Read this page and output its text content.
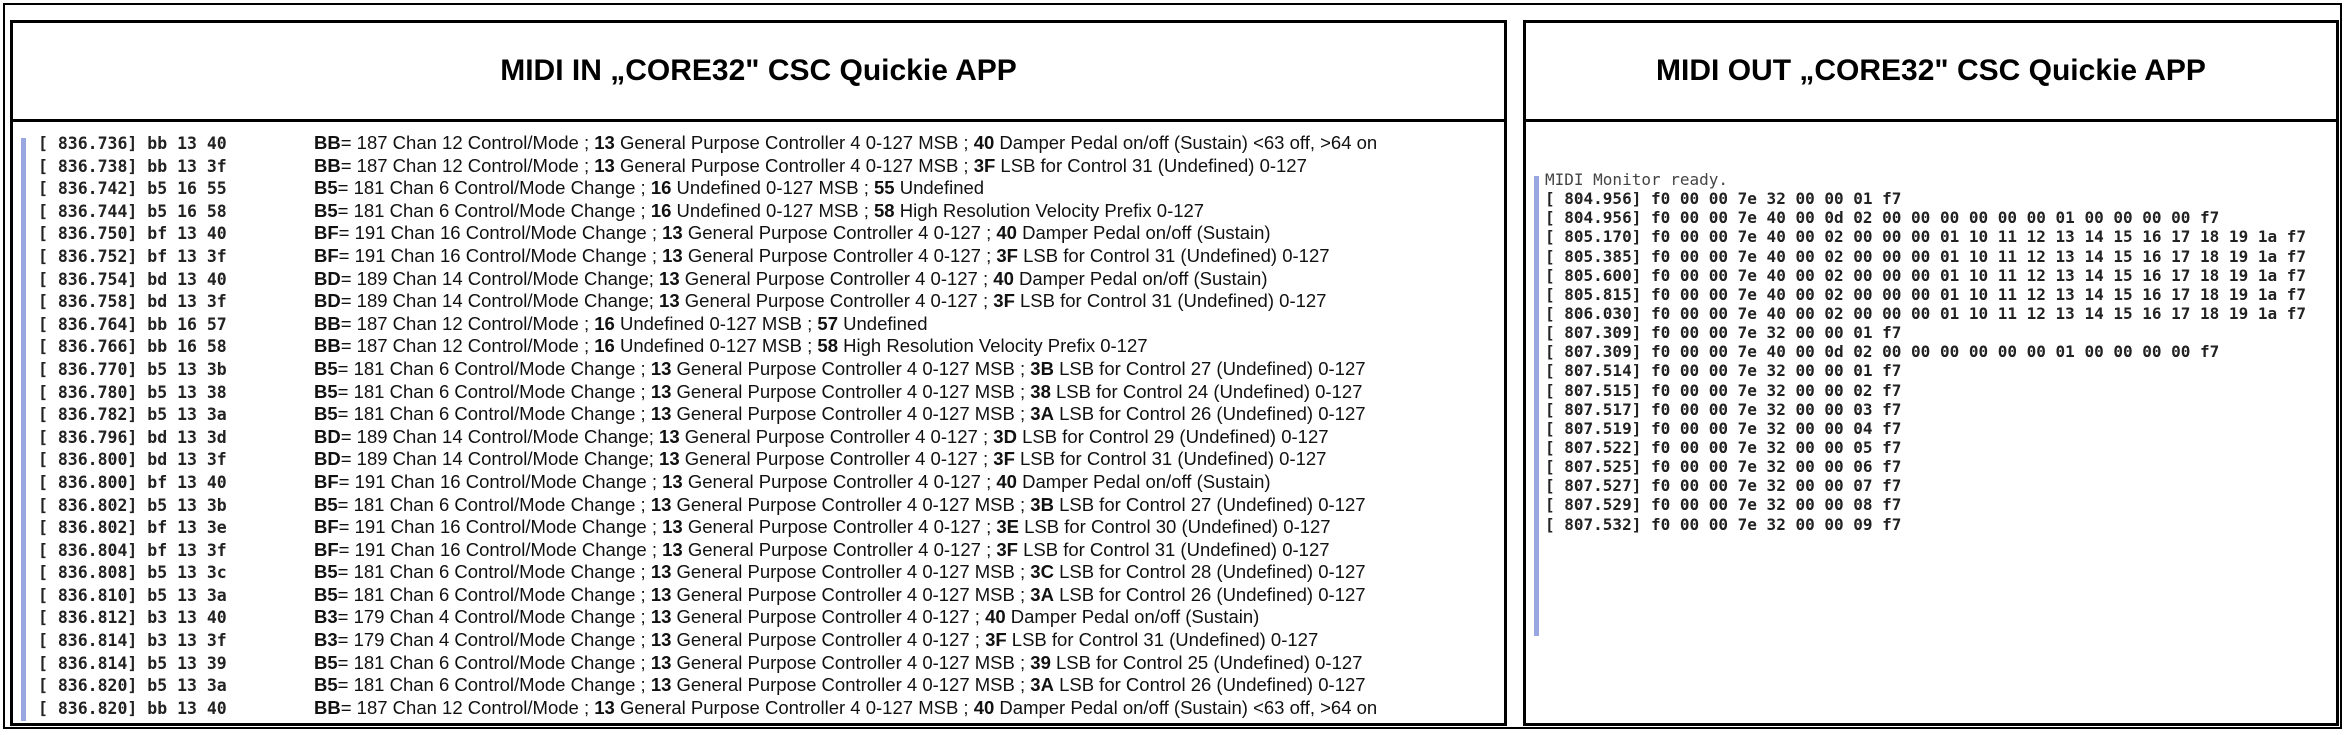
MIDI IN „CORE32" CSC Quickie APP
[ 836.736] bb 13 40	BB= 187 Chan 12 Control/Mode ; 13 General Purpose Controller 4 0-127 MSB ; 40 Damper Pedal on/off (Sustain) <63 off, >64 on
[ 836.738] bb 13 3f	BB= 187 Chan 12 Control/Mode ; 13 General Purpose Controller 4 0-127 MSB ; 3F LSB for Control 31 (Undefined) 0-127
[ 836.742] b5 16 55	B5= 181 Chan 6 Control/Mode Change ; 16 Undefined 0-127 MSB ; 55 Undefined
[ 836.744] b5 16 58	B5= 181 Chan 6 Control/Mode Change ; 16 Undefined 0-127 MSB ; 58 High Resolution Velocity Prefix 0-127
[ 836.750] bf 13 40	BF= 191 Chan 16 Control/Mode Change ; 13 General Purpose Controller 4 0-127 ; 40 Damper Pedal on/off (Sustain)
[ 836.752] bf 13 3f	BF= 191 Chan 16 Control/Mode Change ; 13 General Purpose Controller 4 0-127 ; 3F LSB for Control 31 (Undefined) 0-127
[ 836.754] bd 13 40	BD= 189 Chan 14 Control/Mode Change; 13 General Purpose Controller 4 0-127 ; 40 Damper Pedal on/off (Sustain)
[ 836.758] bd 13 3f	BD= 189 Chan 14 Control/Mode Change; 13 General Purpose Controller 4 0-127 ; 3F LSB for Control 31 (Undefined) 0-127
[ 836.764] bb 16 57	BB= 187 Chan 12 Control/Mode ; 16 Undefined 0-127 MSB ; 57 Undefined
[ 836.766] bb 16 58	BB= 187 Chan 12 Control/Mode ; 16 Undefined 0-127 MSB ; 58 High Resolution Velocity Prefix 0-127
[ 836.770] b5 13 3b	B5= 181 Chan 6 Control/Mode Change ; 13 General Purpose Controller 4 0-127 MSB ; 3B LSB for Control 27 (Undefined) 0-127
[ 836.780] b5 13 38	B5= 181 Chan 6 Control/Mode Change ; 13 General Purpose Controller 4 0-127 MSB ; 38 LSB for Control 24 (Undefined) 0-127
[ 836.782] b5 13 3a	B5= 181 Chan 6 Control/Mode Change ; 13 General Purpose Controller 4 0-127 MSB ; 3A LSB for Control 26 (Undefined) 0-127
[ 836.796] bd 13 3d	BD= 189 Chan 14 Control/Mode Change; 13 General Purpose Controller 4 0-127 ; 3D LSB for Control 29 (Undefined) 0-127
[ 836.800] bd 13 3f	BD= 189 Chan 14 Control/Mode Change; 13 General Purpose Controller 4 0-127 ; 3F LSB for Control 31 (Undefined) 0-127
[ 836.800] bf 13 40	BF= 191 Chan 16 Control/Mode Change ; 13 General Purpose Controller 4 0-127 ; 40 Damper Pedal on/off (Sustain)
[ 836.802] b5 13 3b	B5= 181 Chan 6 Control/Mode Change ; 13 General Purpose Controller 4 0-127 MSB ; 3B LSB for Control 27 (Undefined) 0-127
[ 836.802] bf 13 3e	BF= 191 Chan 16 Control/Mode Change ; 13 General Purpose Controller 4 0-127 ; 3E LSB for Control 30 (Undefined) 0-127
[ 836.804] bf 13 3f	BF= 191 Chan 16 Control/Mode Change ; 13 General Purpose Controller 4 0-127 ; 3F LSB for Control 31 (Undefined) 0-127
[ 836.808] b5 13 3c	B5= 181 Chan 6 Control/Mode Change ; 13 General Purpose Controller 4 0-127 MSB ; 3C LSB for Control 28 (Undefined) 0-127
[ 836.810] b5 13 3a	B5= 181 Chan 6 Control/Mode Change ; 13 General Purpose Controller 4 0-127 MSB ; 3A LSB for Control 26 (Undefined) 0-127
[ 836.812] b3 13 40	B3= 179 Chan 4 Control/Mode Change ; 13 General Purpose Controller 4 0-127 ; 40 Damper Pedal on/off (Sustain)
[ 836.814] b3 13 3f	B3= 179 Chan 4 Control/Mode Change ; 13 General Purpose Controller 4 0-127 ; 3F LSB for Control 31 (Undefined) 0-127
[ 836.814] b5 13 39	B5= 181 Chan 6 Control/Mode Change ; 13 General Purpose Controller 4 0-127 MSB ; 39 LSB for Control 25 (Undefined) 0-127
[ 836.820] b5 13 3a	B5= 181 Chan 6 Control/Mode Change ; 13 General Purpose Controller 4 0-127 MSB ; 3A LSB for Control 26 (Undefined) 0-127
[ 836.820] bb 13 40	BB= 187 Chan 12 Control/Mode ; 13 General Purpose Controller 4 0-127 MSB ; 40 Damper Pedal on/off (Sustain) <63 off, >64 on
MIDI OUT „CORE32" CSC Quickie APP
MIDI Monitor ready.
[ 804.956] f0 00 00 7e 32 00 00 01 f7
[ 804.956] f0 00 00 7e 40 00 0d 02 00 00 00 00 00 00 01 00 00 00 00 f7
[ 805.170] f0 00 00 7e 40 00 02 00 00 00 01 10 11 12 13 14 15 16 17 18 19 1a f7
[ 805.385] f0 00 00 7e 40 00 02 00 00 00 01 10 11 12 13 14 15 16 17 18 19 1a f7
[ 805.600] f0 00 00 7e 40 00 02 00 00 00 01 10 11 12 13 14 15 16 17 18 19 1a f7
[ 805.815] f0 00 00 7e 40 00 02 00 00 00 01 10 11 12 13 14 15 16 17 18 19 1a f7
[ 806.030] f0 00 00 7e 40 00 02 00 00 00 01 10 11 12 13 14 15 16 17 18 19 1a f7
[ 807.309] f0 00 00 7e 32 00 00 01 f7
[ 807.309] f0 00 00 7e 40 00 0d 02 00 00 00 00 00 00 01 00 00 00 00 f7
[ 807.514] f0 00 00 7e 32 00 00 01 f7
[ 807.515] f0 00 00 7e 32 00 00 02 f7
[ 807.517] f0 00 00 7e 32 00 00 03 f7
[ 807.519] f0 00 00 7e 32 00 00 04 f7
[ 807.522] f0 00 00 7e 32 00 00 05 f7
[ 807.525] f0 00 00 7e 32 00 00 06 f7
[ 807.527] f0 00 00 7e 32 00 00 07 f7
[ 807.529] f0 00 00 7e 32 00 00 08 f7
[ 807.532] f0 00 00 7e 32 00 00 09 f7
